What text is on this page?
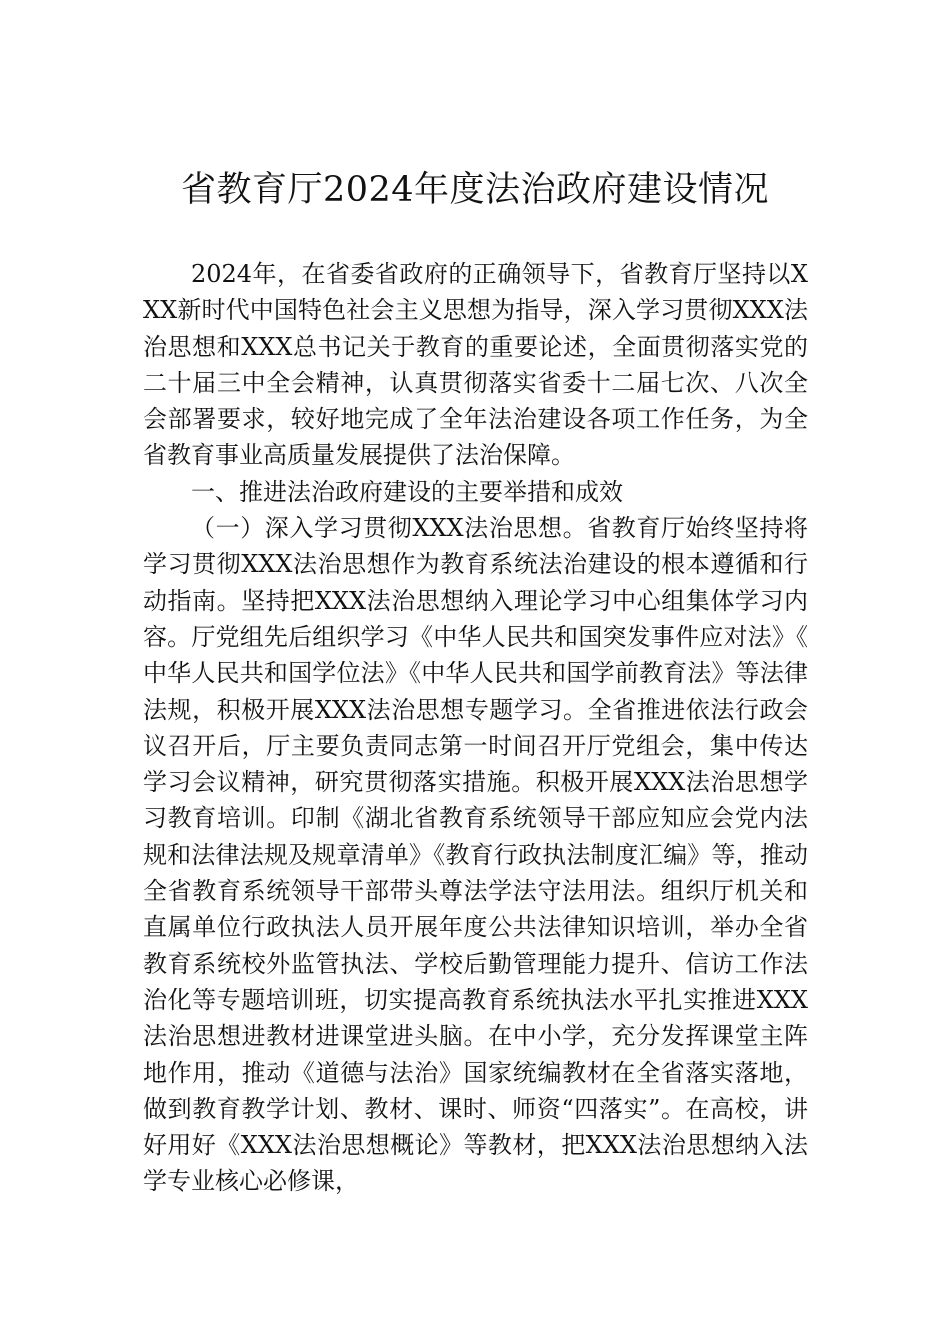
省教育厅2024年度法治政府建设情况

2024年，在省委省政府的正确领导下，省教育厅坚持以XXX新时代中国特色社会主义思想为指导，深入学习贯彻XXX法治思想和XXX总书记关于教育的重要论述，全面贯彻落实党的二十届三中全会精神，认真贯彻落实省委十二届七次、八次全会部署要求，较好地完成了全年法治建设各项工作任务，为全省教育事业高质量发展提供了法治保障。

一、推进法治政府建设的主要举措和成效

（一）深入学习贯彻XXX法治思想。省教育厅始终坚持将学习贯彻XXX法治思想作为教育系统法治建设的根本遵循和行动指南。坚持把XXX法治思想纳入理论学习中心组集体学习内容。厅党组先后组织学习《中华人民共和国突发事件应对法》《中华人民共和国学位法》《中华人民共和国学前教育法》等法律法规，积极开展XXX法治思想专题学习。全省推进依法行政会议召开后，厅主要负责同志第一时间召开厅党组会，集中传达学习会议精神，研究贯彻落实措施。积极开展XXX法治思想学习教育培训。印制《湖北省教育系统领导干部应知应会党内法规和法律法规及规章清单》《教育行政执法制度汇编》等，推动全省教育系统领导干部带头尊法学法守法用法。组织厅机关和直属单位行政执法人员开展年度公共法律知识培训，举办全省教育系统校外监管执法、学校后勤管理能力提升、信访工作法治化等专题培训班，切实提高教育系统执法水平扎实推进XXX法治思想进教材进课堂进头脑。在中小学，充分发挥课堂主阵地作用，推动《道德与法治》国家统编教材在全省落实落地，做到教育教学计划、教材、课时、师资“四落实”。在高校，讲好用好《XXX法治思想概论》等教材，把XXX法治思想纳入法学专业核心必修课，
